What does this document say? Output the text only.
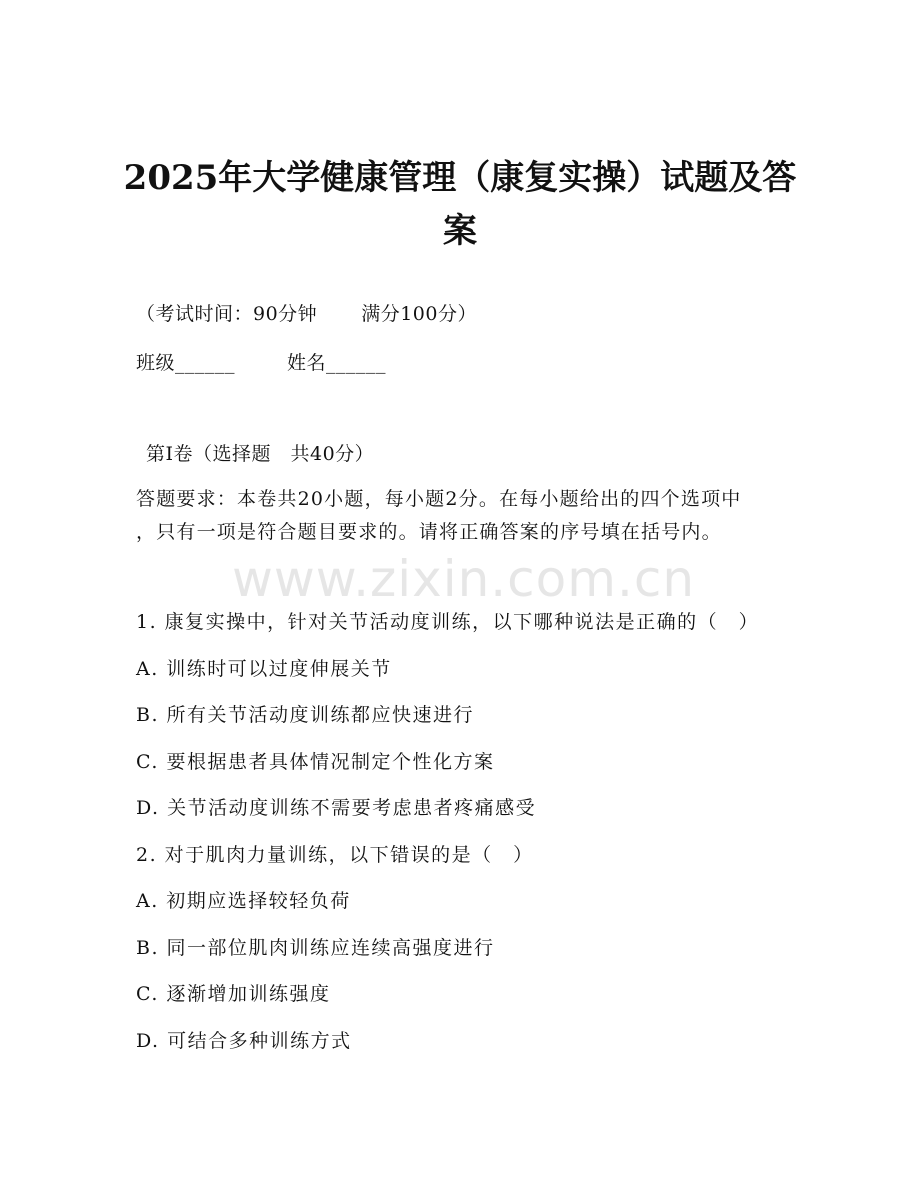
2025年大学健康管理（康复实操）试题及答案
（考试时间：90分钟 满分100分）
班级______	姓名______
第I卷（选择题　共40分）
答题要求：本卷共20小题，每小题2分。在每小题给出的四个选项中
，只有一项是符合题目要求的。请将正确答案的序号填在括号内。
www.zixin.com.cn
1. 康复实操中，针对关节活动度训练，以下哪种说法是正确的（　）
A. 训练时可以过度伸展关节
B. 所有关节活动度训练都应快速进行
C. 要根据患者具体情况制定个性化方案
D. 关节活动度训练不需要考虑患者疼痛感受
2. 对于肌肉力量训练，以下错误的是（　）
A. 初期应选择较轻负荷
B. 同一部位肌肉训练应连续高强度进行
C. 逐渐增加训练强度
D. 可结合多种训练方式
